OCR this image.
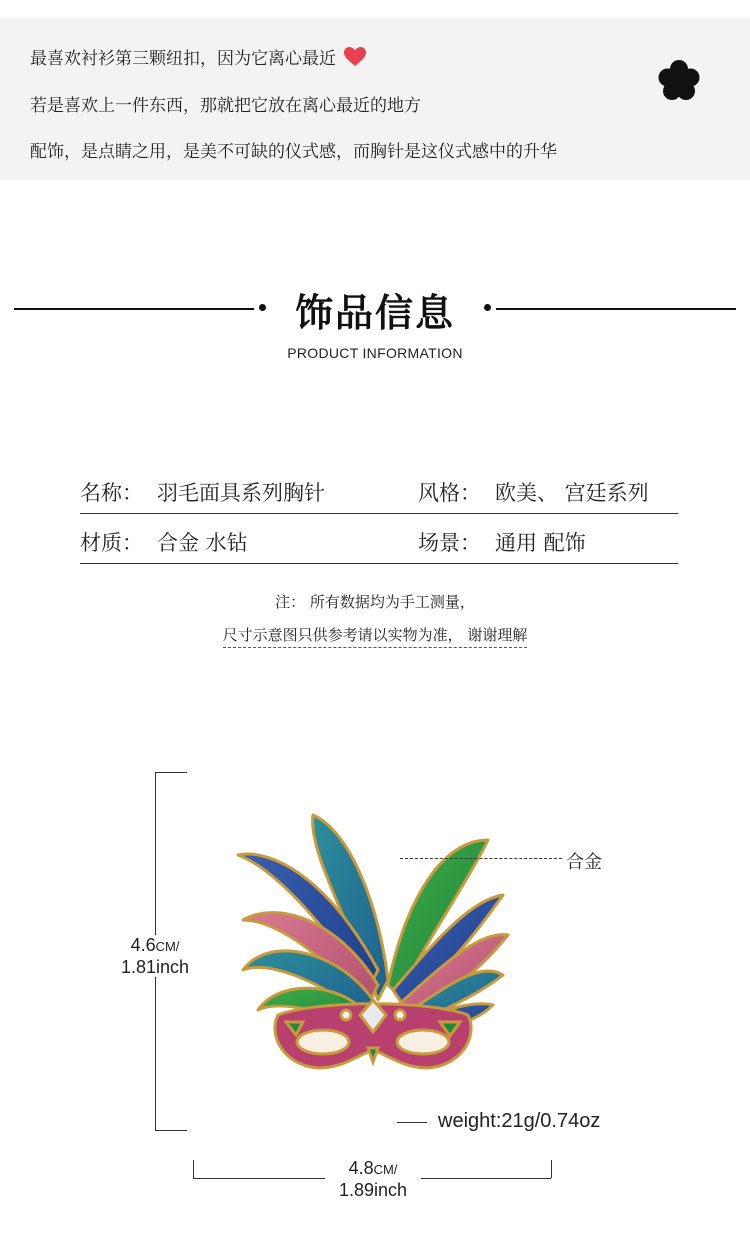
最喜欢衬衫第三颗纽扣，因为它离心最近
若是喜欢上一件东西，那就把它放在离心最近的地方
配饰，是点睛之用，是美不可缺的仪式感，而胸针是这仪式感中的升华
饰品信息
PRODUCT INFORMATION
名称： 羽毛面具系列胸针	风格： 欧美、 宫廷系列
材质： 合金 水钻	场景： 通用 配饰
注： 所有数据均为手工测量，
尺寸示意图只供参考请以实物为准， 谢谢理解
4.6CM/
1.81inch
合金
weight:21g/0.74oz
4.8CM/
1.89inch
